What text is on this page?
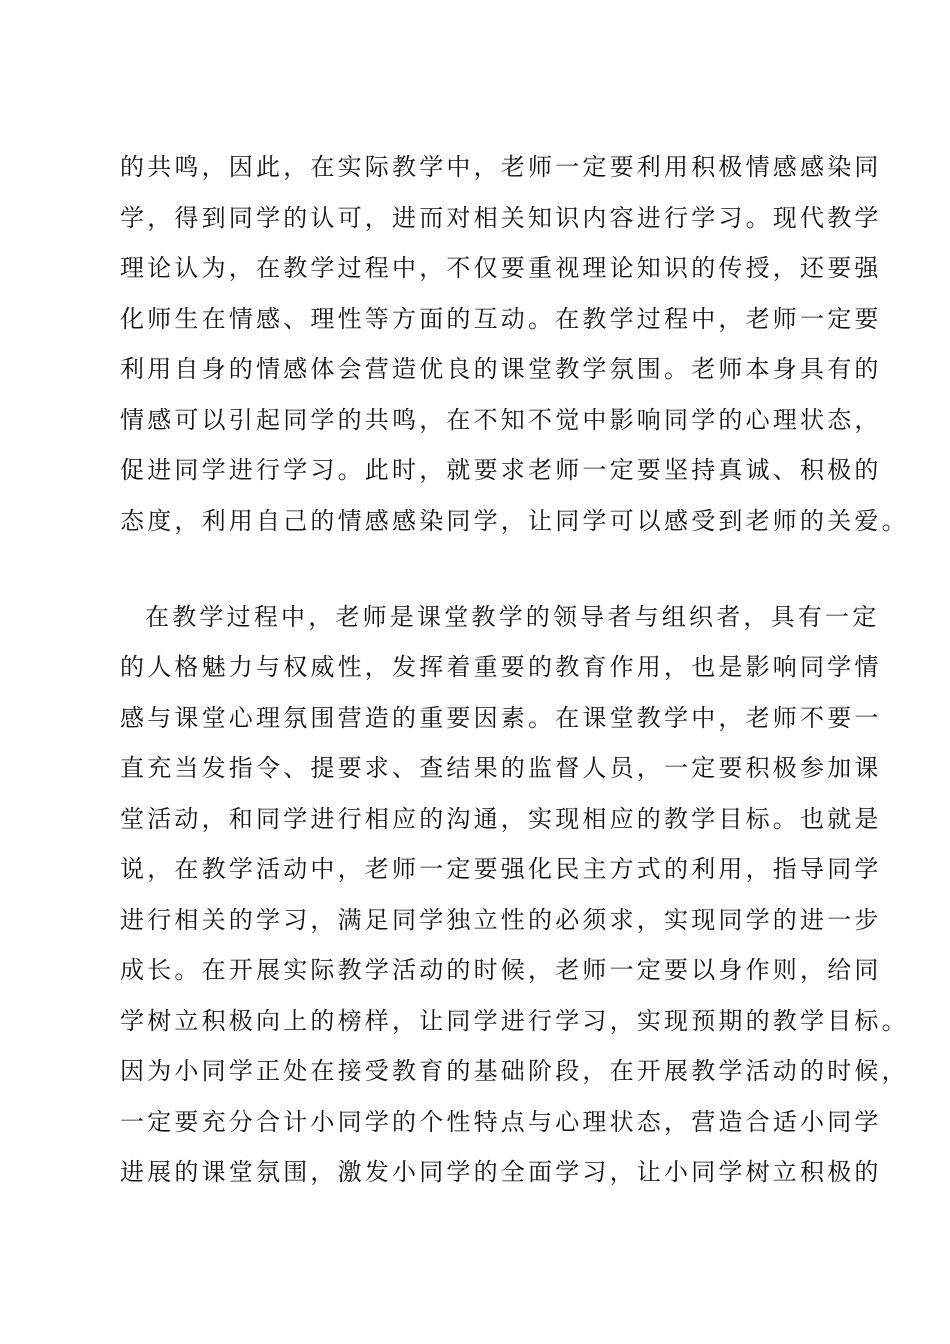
的共鸣，因此，在实际教学中，老师一定要利用积极情感感染同
学，得到同学的认可，进而对相关知识内容进行学习。现代教学
理论认为，在教学过程中，不仅要重视理论知识的传授，还要强
化师生在情感、理性等方面的互动。在教学过程中，老师一定要
利用自身的情感体会营造优良的课堂教学氛围。老师本身具有的
情感可以引起同学的共鸣，在不知不觉中影响同学的心理状态，
促进同学进行学习。此时，就要求老师一定要坚持真诚、积极的
态度，利用自己的情感感染同学，让同学可以感受到老师的关爱。
在教学过程中，老师是课堂教学的领导者与组织者，具有一定
的人格魅力与权威性，发挥着重要的教育作用，也是影响同学情
感与课堂心理氛围营造的重要因素。在课堂教学中，老师不要一
直充当发指令、提要求、查结果的监督人员，一定要积极参加课
堂活动，和同学进行相应的沟通，实现相应的教学目标。也就是
说，在教学活动中，老师一定要强化民主方式的利用，指导同学
进行相关的学习，满足同学独立性的必须求，实现同学的进一步
成长。在开展实际教学活动的时候，老师一定要以身作则，给同
学树立积极向上的榜样，让同学进行学习，实现预期的教学目标。
因为小同学正处在接受教育的基础阶段，在开展教学活动的时候，
一定要充分合计小同学的个性特点与心理状态，营造合适小同学
进展的课堂氛围，激发小同学的全面学习，让小同学树立积极的
